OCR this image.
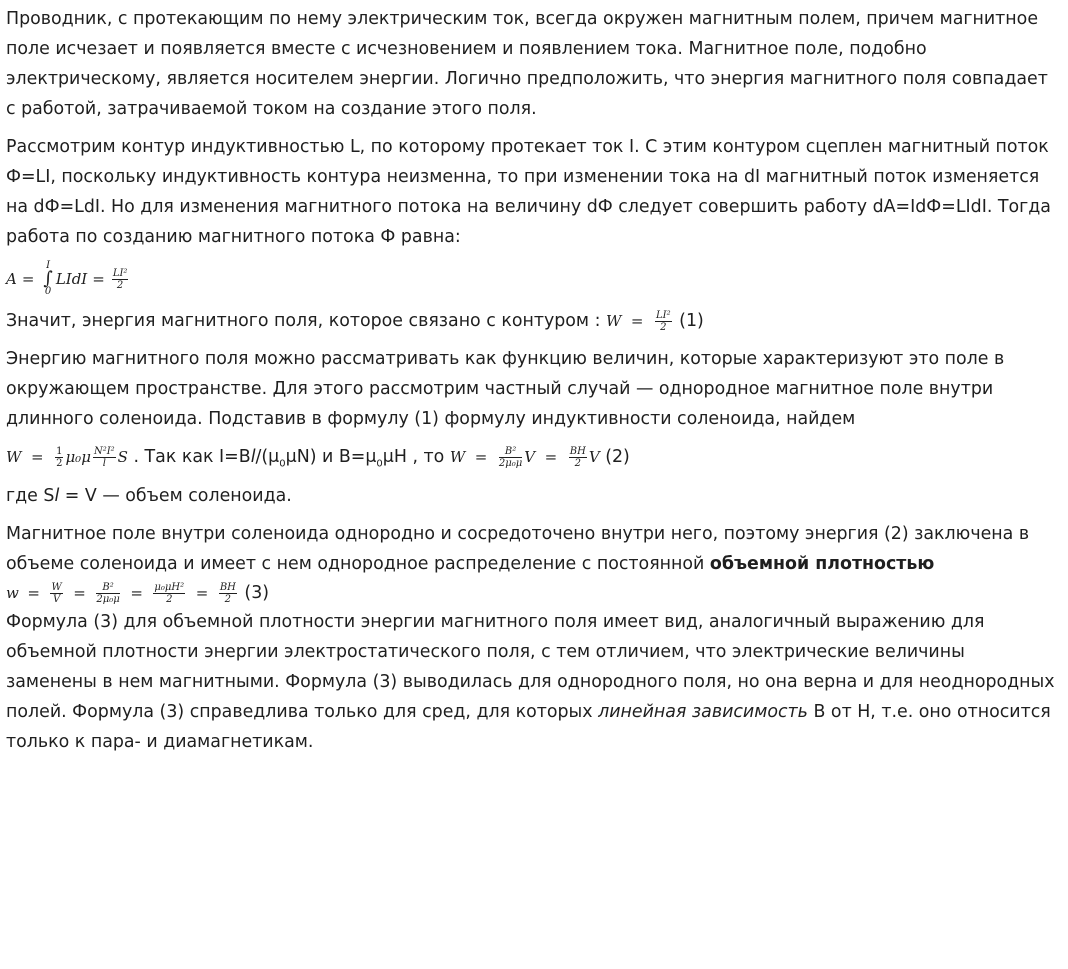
Проводник, с протекающим по нему электрическим ток, всегда окружен магнитным полем, причем магнитное поле исчезает и появляется вместе с исчезновением и появлением тока. Магнитное поле, подобно электрическому, является носителем энергии. Логично предположить, что энергия магнитного поля совпадает с работой, затрачиваемой током на создание этого поля.

Рассмотрим контур индуктивностью L, по которому протекает ток I. С этим контуром сцеплен магнитный поток Ф=LI, поскольку индуктивность контура неизменна, то при изменении тока на dI магнитный поток изменяется на dФ=LdI. Но для изменения магнитного потока на величину dФ следует совершить работу dA=IdФ=LIdI. Тогда работа по созданию магнитного потока Ф равна:

A =
I
∫
0
LIdI = $\frac{\text{LI²}}{2}$

Значит, энергия магнитного поля, которое связано с контуром : $W = \frac{\text{LI²}}{2} (1)$

Энергию магнитного поля можно рассматривать как функцию величин, которые характеризуют это поле в окружающем пространстве. Для этого рассмотрим частный случай — однородное магнитное поле внутри длинного соленоида. Подставив в формулу (1) формулу индуктивности соленоида, найдем

$W = \frac{1}{2} \mu_0\mu \frac{\text{N²I²}}{l}$ S . Так как $I=Bl/(\mu_0\mu N)$ и $B=\mu_0\mu H$ , то $W = \frac{\text{B²}}{\text{2μ₀μ}}$ $V = \frac{BH}{2}$ V (2)

где Sl = V — объем соленоида.

Магнитное поле внутри соленоида однородно и сосредоточено внутри него, поэтому энергия (2) заключена в объеме соленоида и имеет с нем однородное распределение с постоянной объемной плотностью

$w = \frac{W}{V} = \frac{\text{B²}}{\text{2μ₀μ}} = \frac{\text{μ₀μH²}}{2} = \frac{BH}{2} (3)$

Формула (3) для объемной плотности энергии магнитного поля имеет вид, аналогичный выражению для объемной плотности энергии электростатического поля, с тем отличием, что электрические величины заменены в нем магнитными. Формула (3) выводилась для однородного поля, но она верна и для неоднородных полей. Формула (3) справедлива только для сред, для которых линейная зависимость B от H, т.е. оно относится только к пара- и диамагнетикам.
